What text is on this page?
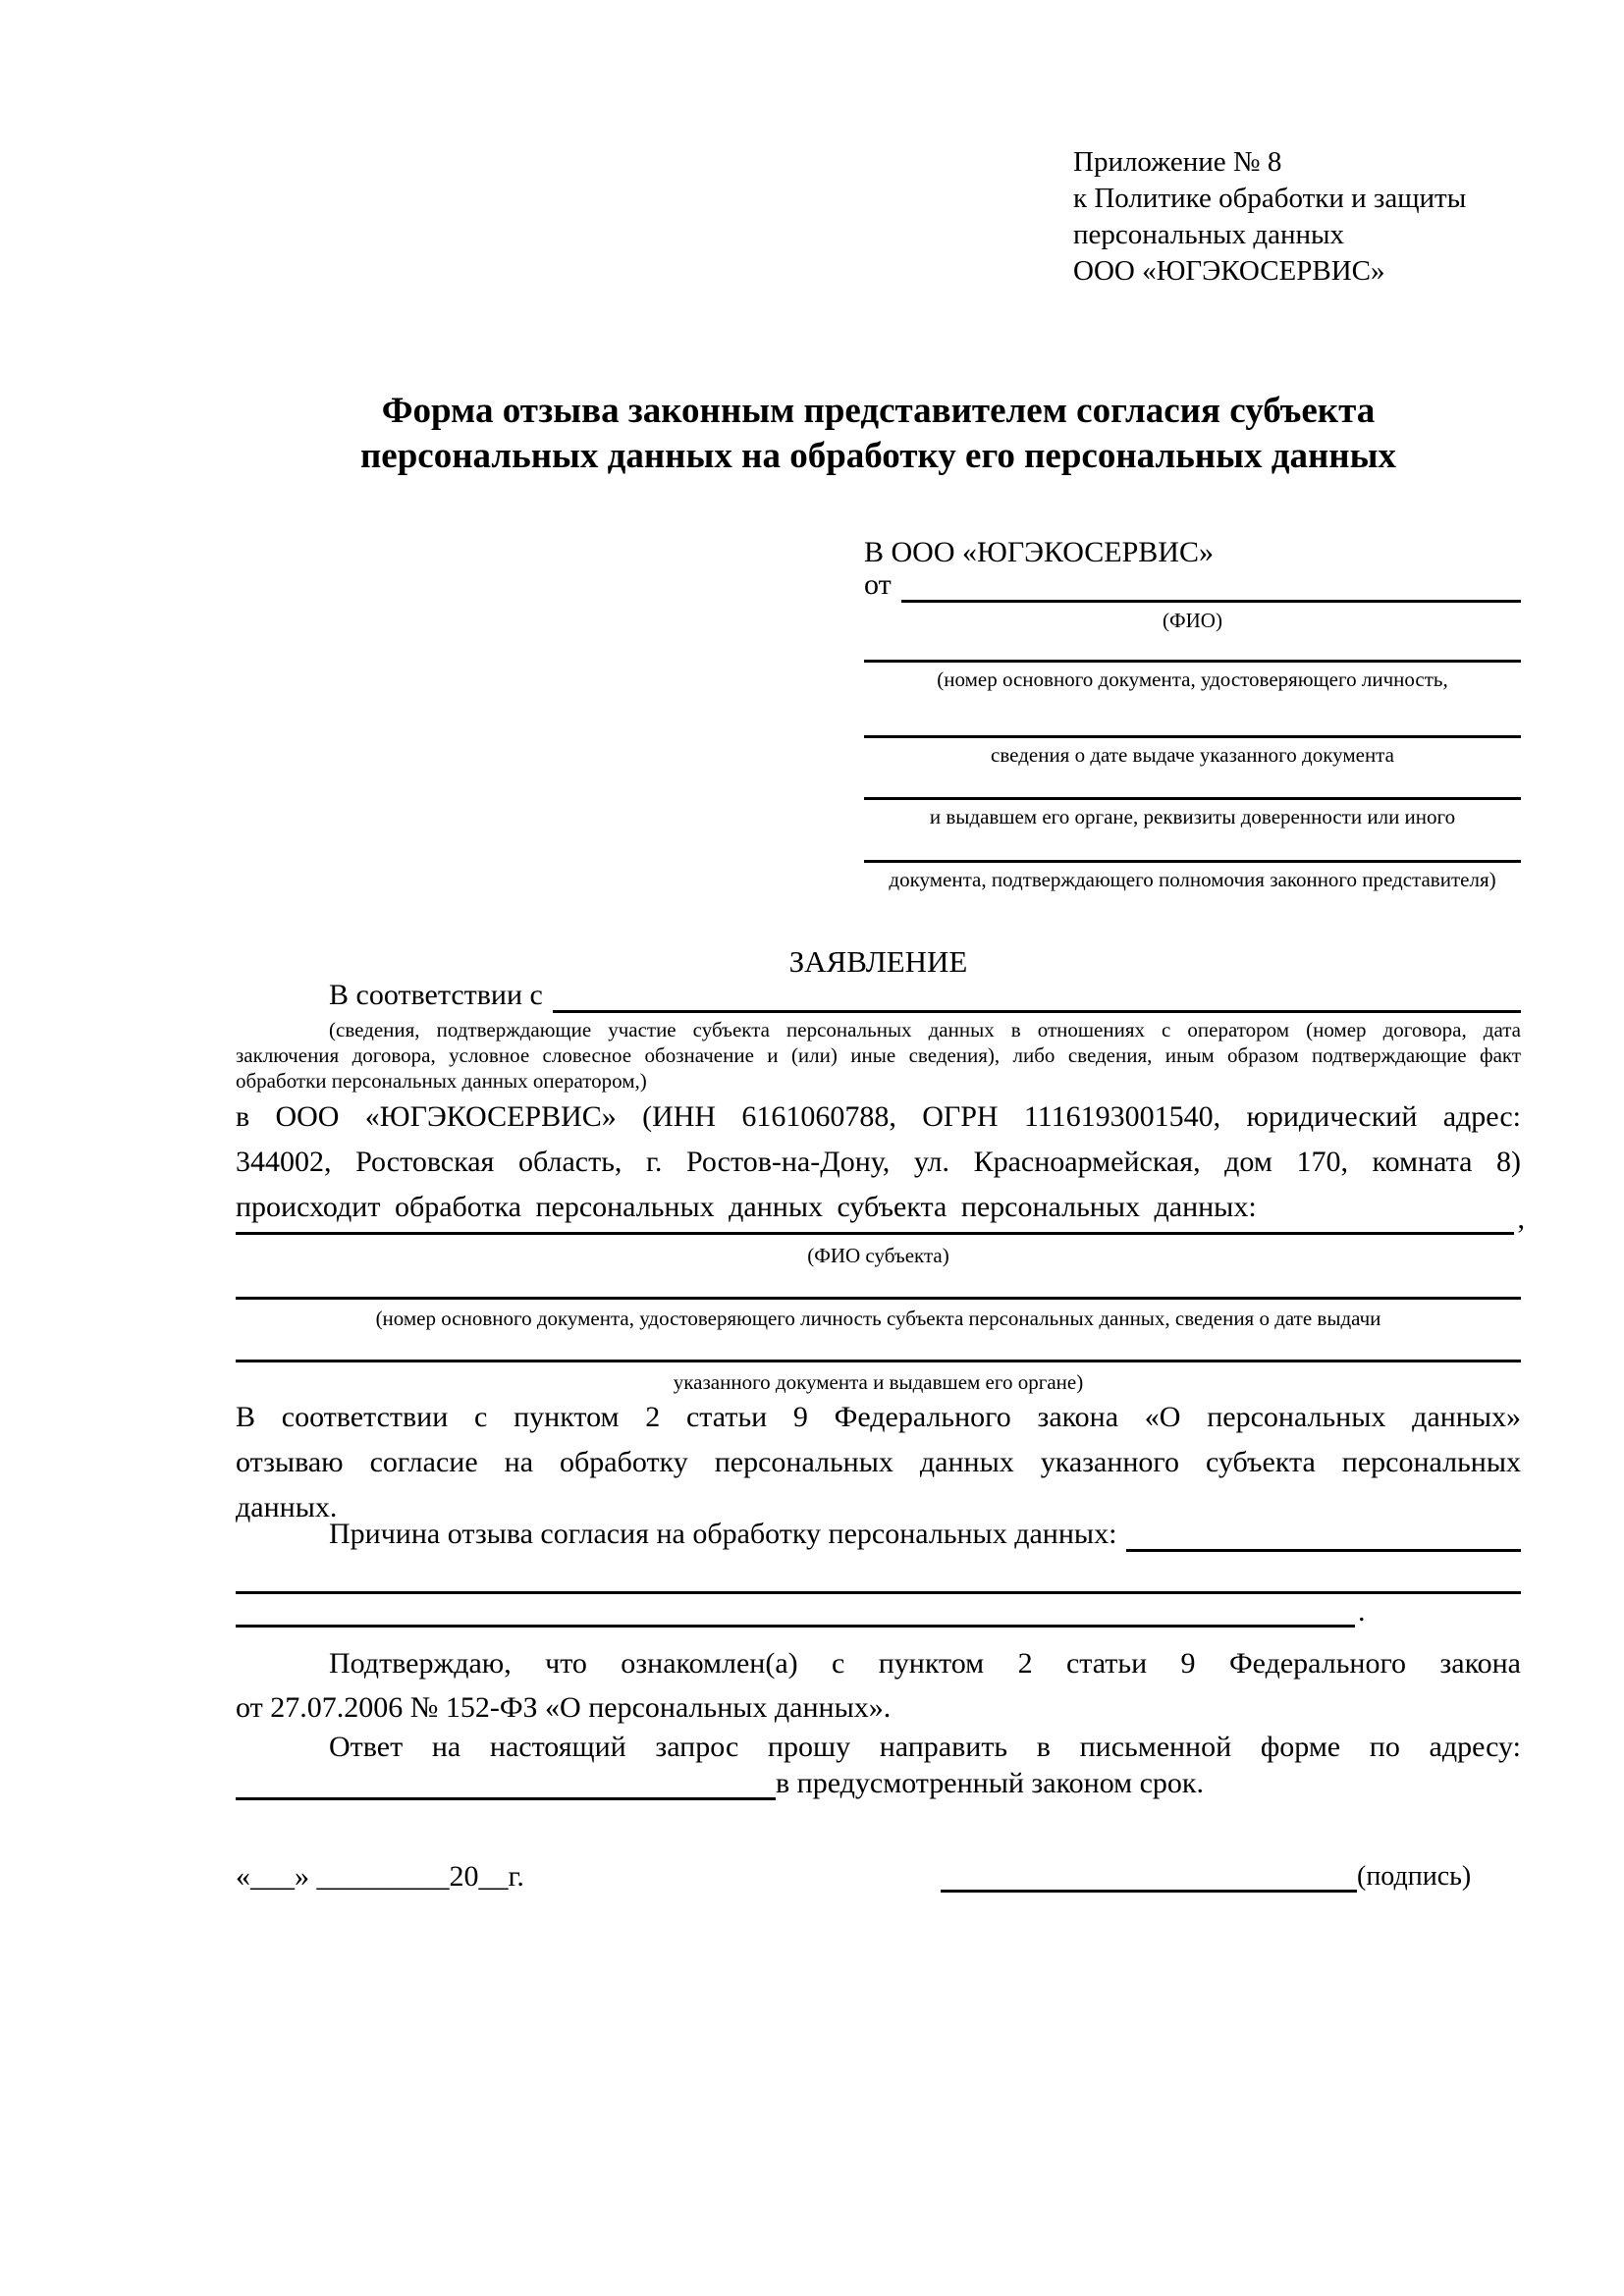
Приложение № 8
к Политике обработки и защиты
персональных данных
ООО «ЮГЭКОСЕРВИС»
Форма отзыва законным представителем согласия субъекта
персональных данных на обработку его персональных данных
В ООО «ЮГЭКОСЕРВИС»
от
(ФИО)
(номер основного документа, удостоверяющего личность,
сведения о дате выдаче указанного документа
и выдавшем его органе, реквизиты доверенности или иного
документа, подтверждающего полномочия законного представителя)
ЗАЯВЛЕНИЕ
В соответствии с
(сведения, подтверждающие участие субъекта персональных данных в отношениях с оператором (номер договора, дата
заключения договора, условное словесное обозначение и (или) иные сведения), либо сведения, иным образом подтверждающие факт
обработки персональных данных оператором,)
в ООО «ЮГЭКОСЕРВИС» (ИНН 6161060788, ОГРН 1116193001540, юридический адрес:
344002, Ростовская область, г. Ростов-на-Дону, ул. Красноармейская, дом 170, комната 8)
происходит обработка персональных данных субъекта персональных данных:	,
(ФИО субъекта)
(номер основного документа, удостоверяющего личность субъекта персональных данных, сведения о дате выдачи
указанного документа и выдавшем его органе)
В соответствии с пунктом 2 статьи 9 Федерального закона «О персональных данных»
отзываю согласие на обработку персональных данных указанного субъекта персональных
данных.
Причина отзыва согласия на обработку персональных данных:
.
Подтверждаю, что ознакомлен(а) с пунктом 2 статьи 9 Федерального закона
от 27.07.2006 № 152-ФЗ «О персональных данных».
Ответ на настоящий запрос прошу направить в письменной форме по адресу:
в предусмотренный законом срок.
«___» _________20__г.	(подпись)
